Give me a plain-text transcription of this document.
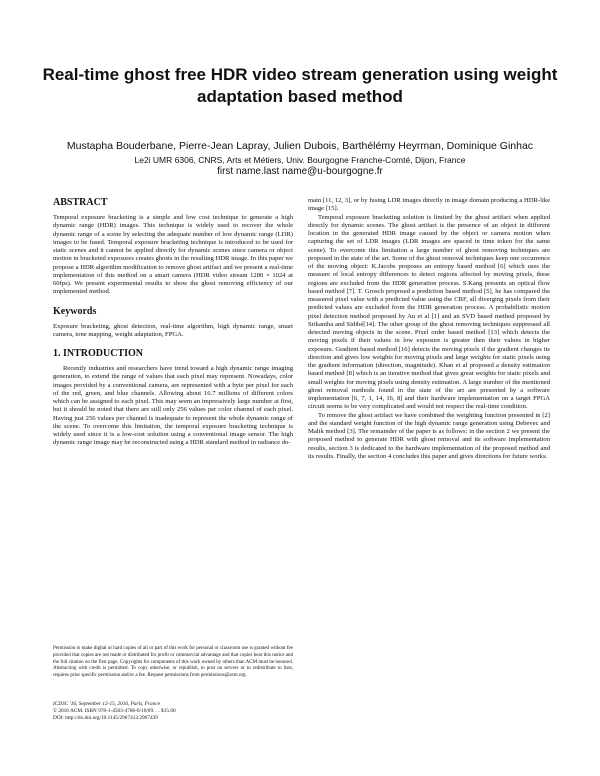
Real-time ghost free HDR video stream generation using weight adaptation based method

Mustapha Bouderbane, Pierre-Jean Lapray, Julien Dubois, Barthélémy Heyrman, Dominique Ginhac

Le2i UMR 6306, CNRS, Arts et Métiers, Univ. Bourgogne Franche-Comté, Dijon, France

first name.last name@u-bourgogne.fr

ABSTRACT

Temporal exposure bracketing is a simple and low cost technique to generate a high dynamic range (HDR) images. This technique is widely used to recover the whole dynamic range of a scene by selecting the adequate number of low dynamic range (LDR) images to be fused. Temporal exposure bracketing technique is introduced to be used for static scenes and it cannot be applied directly for dynamic scenes since camera or object motion in bracketed exposures creates ghosts in the resulting HDR image. In this paper we propose a HDR algorithm modification to remove ghost artifact and we present a real-time implementation of this method on a smart camera (HDR video stream 1280 × 1024 at 60fps). We present experimental results to show the ghost removing efficiency of our implemented method.

Keywords

Exposure bracketing, ghost detection, real-time algorithm, high dynamic range, smart camera, tone mapping, weight adaptation, FPGA.

1. INTRODUCTION

Recently industries and researchers have trend toward a high dynamic range imaging generation, to extend the range of values that each pixel may represent. Nowadays, color images provided by a conventional camera, are represented with a byte per pixel for each of the red, green, and blue channels. Allowing about 16.7 millions of different colors which can be assigned to each pixel. This may seem an impressively large number at first, but it should be noted that there are still only 256 values per color channel of each pixel. Having just 256 values per channel is inadequate to represent the whole dynamic range of the scene. To overcome this limitation, the temporal exposure bracketing technique is widely used since it is a low-cost solution using a conventional image sensor. The high dynamic range image may be reconstructed using a HDR standard method in radiance do-

Permission to make digital or hard copies of all or part of this work for personal or classroom use is granted without fee provided that copies are not made or distributed for profit or commercial advantage and that copies bear this notice and the full citation on the first page. Copyrights for components of this work owned by others than ACM must be honored. Abstracting with credit is permitted. To copy otherwise, or republish, to post on servers or to redistribute to lists, requires prior specific permission and/or a fee. Request permissions from permissions@acm.org.

ICDSC '16, September 12-15, 2016, Paris, France
© 2016 ACM. ISBN 978-1-4503-4786-0/16/09. . . $15.00
DOI: http://dx.doi.org/10.1145/2967413.2967439

main [11, 12, 3], or by fusing LDR images directly in image domain producing a HDR-like image [15].

Temporal exposure bracketing solution is limited by the ghost artifact when applied directly for dynamic scenes. The ghost artifact is the presence of an object in different location in the generated HDR image caused by the object or camera motion when capturing the set of LDR images (LDR images are spaced in time token for the same scene). To overcome this limitation a large number of ghost removing techniques are proposed in the state of the art. Some of the ghost removal techniques keep one occurrence of the moving object: K.Jacobs proposes an entropy based method [6] which uses the measure of local entropy differences to detect regions affected by moving pixels, these regions are excluded from the HDR generation process. S.Kang presents an optical flow based method [7]. T. Grosch proposed a prediction based method [5], he has compared the measured pixel value with a predicted value using the CRF, all diverging pixels from their predicted values are excluded from the HDR generation process. A probabilistic motion pixel detection method proposed by An et al [1] and an SVD based method proposed by Srikantha and Sidibé[14]. The other group of the ghost removing techniques suppressed all detected moving objects in the scene. Pixel order based method [13] which detects the moving pixels if their values in low exposure is greater then their values in higher exposure. Gradient based method [16] detects the moving pixels if the gradient changes its direction and gives low weights for moving pixels and large weights for static pixels using the gradient information (direction, magnitude). Khan et al proposed a density estimation based method [8] which is an iterative method that gives great weights for static pixels and small weights for moving pixels using density estimation. A large number of the mentioned ghost removal methods found in the state of the art are presented by a software implementation [6, 7, 1, 14, 16, 8] and their hardware implementation on a target FPGA circuit seems to be very complicated and would not respect the real-time condition.

To remove the ghost artifact we have combined the weighting function presented in [2] and the standard weight function of the high dynamic range generation using Debevec and Malik method [3]. The remainder of the paper is as follows: in the section 2 we present the proposed method to generate HDR with ghost removal and its software implementation results, section 3 is dedicated to the hardware implementation of the proposed method and its results. Finally, the section 4 concludes this paper and gives directions for future works.
